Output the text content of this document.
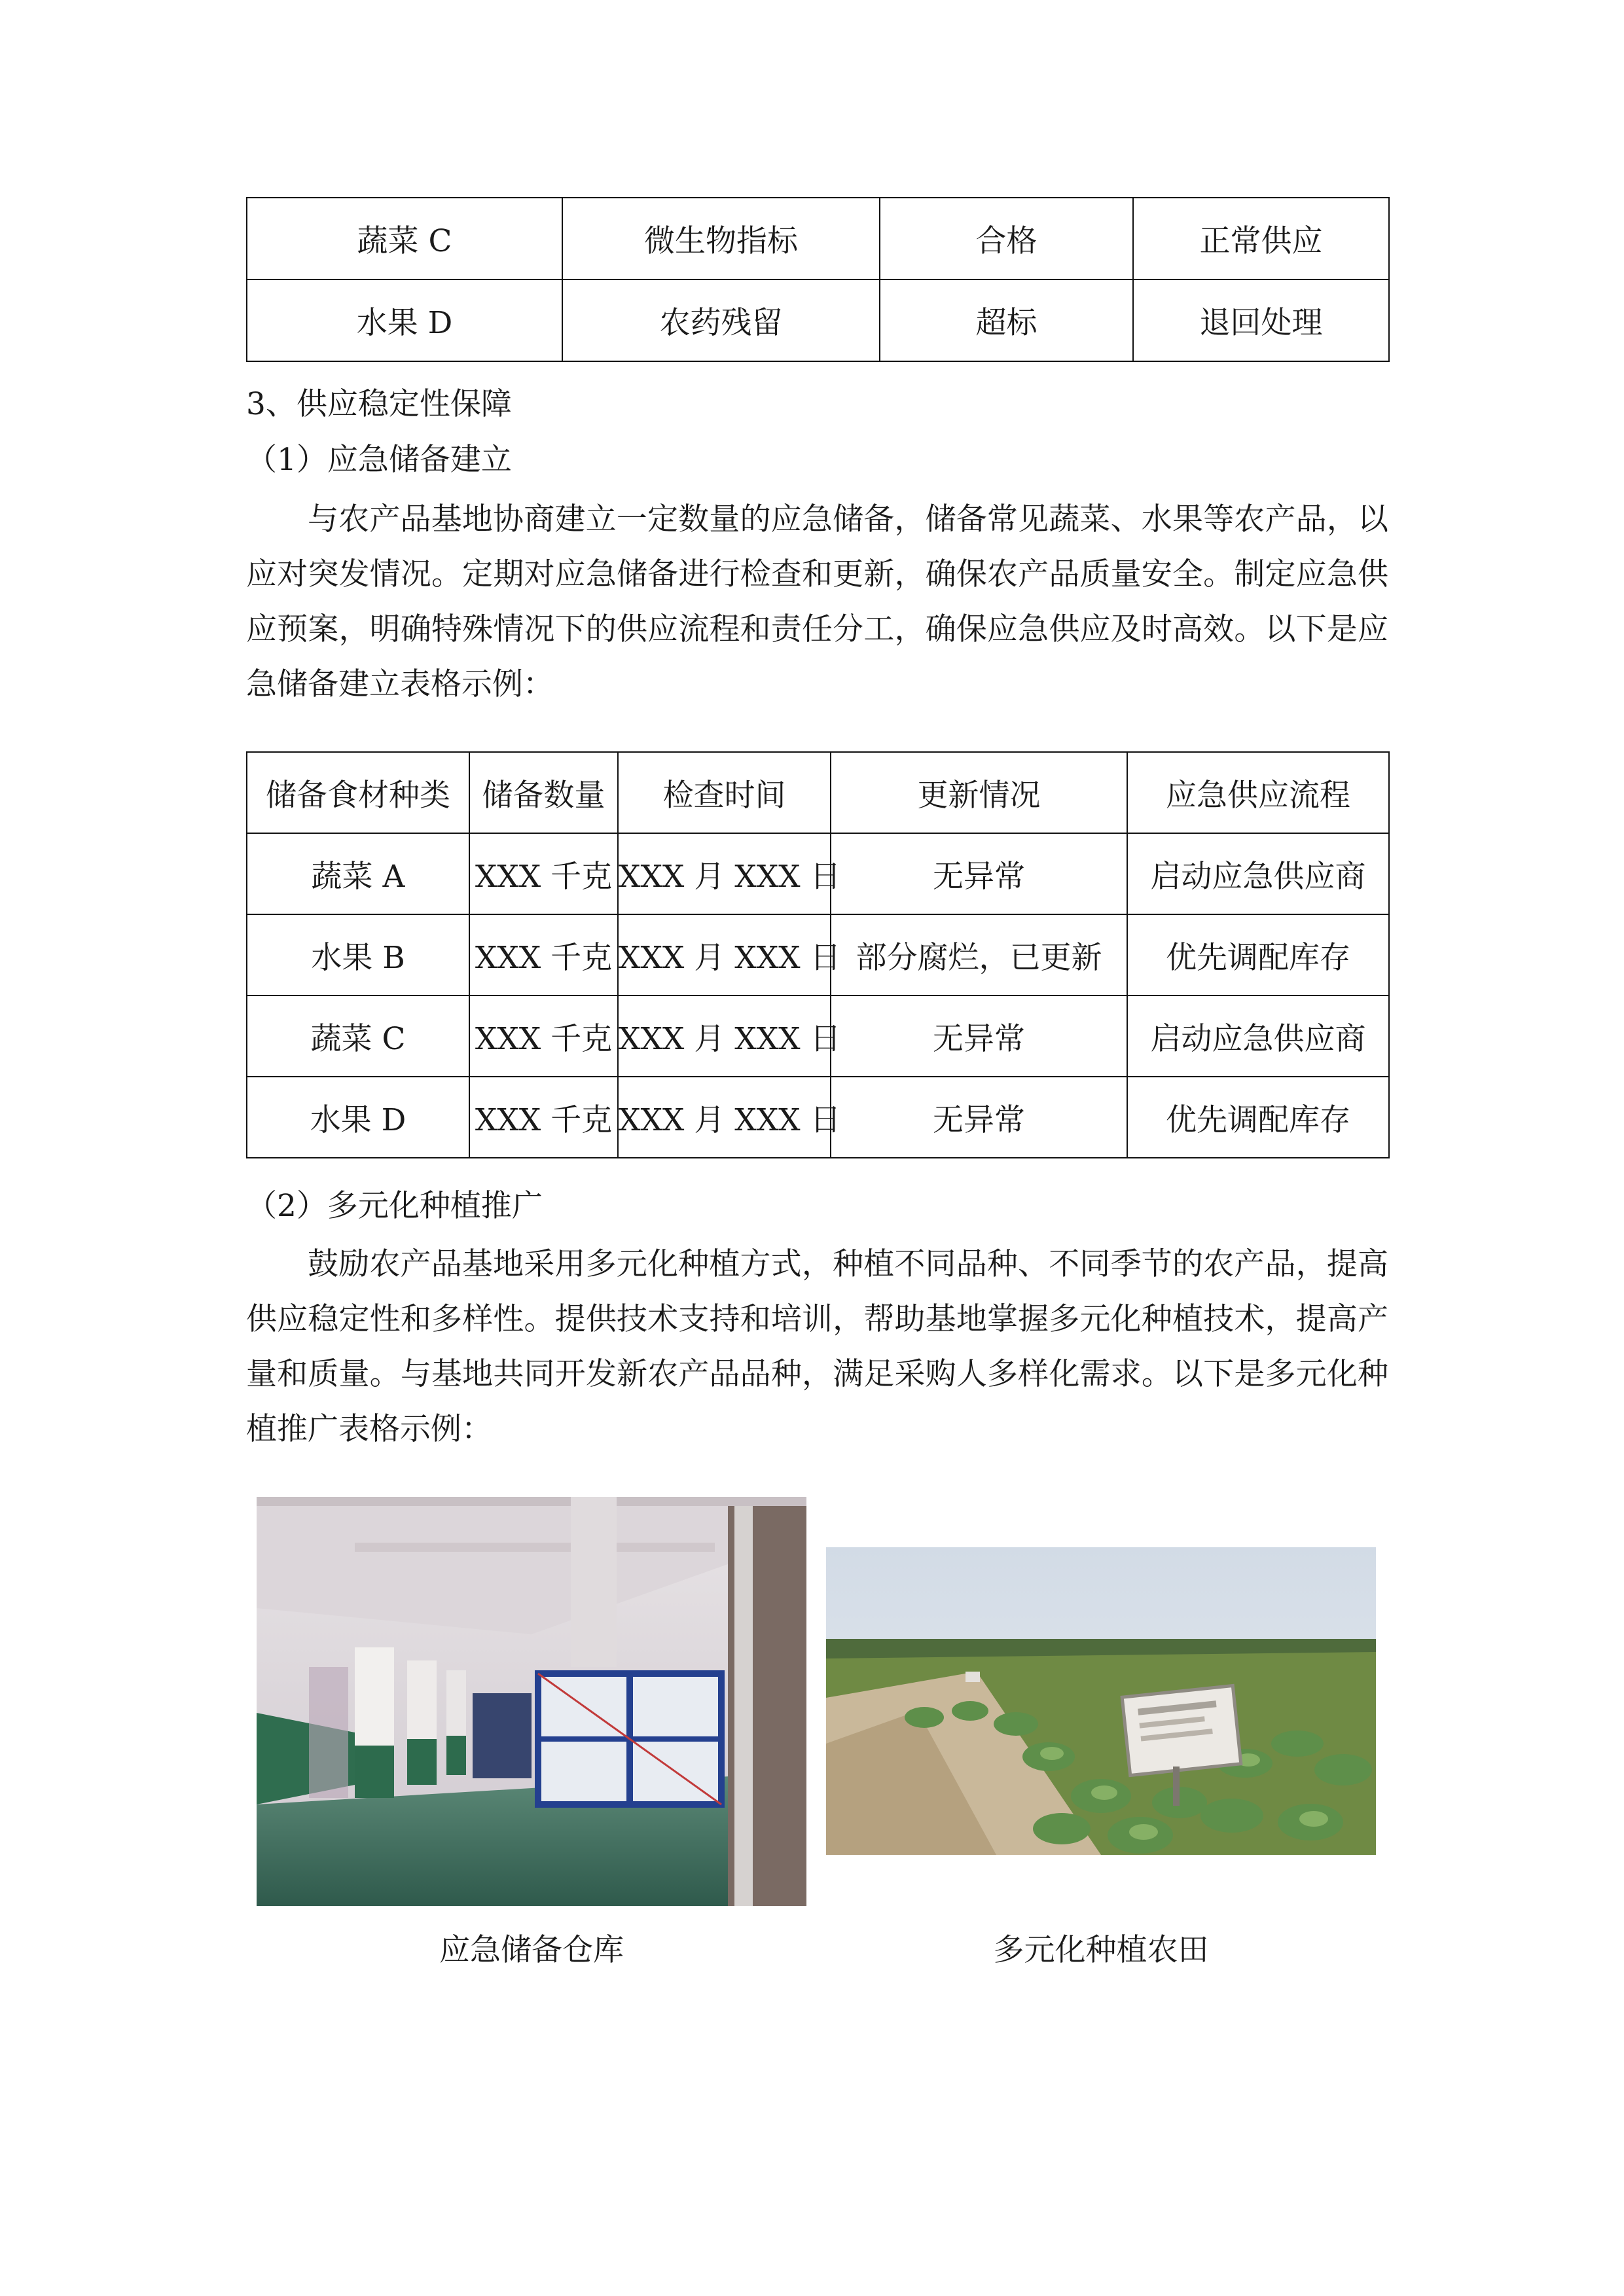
蔬菜 C	微生物指标	合格	正常供应
水果 D	农药残留	超标	退回处理
3、供应稳定性保障
（1）应急储备建立

与农产品基地协商建立一定数量的应急储备，储备常见蔬菜、水果等农产品，以应对突发情况。定期对应急储备进行检查和更新，确保农产品质量安全。制定应急供应预案，明确特殊情况下的供应流程和责任分工，确保应急供应及时高效。以下是应急储备建立表格示例：

储备食材种类	储备数量	检查时间	更新情况	应急供应流程
蔬菜 A	XXX 千克	XXX 月 XXX 日	无异常	启动应急供应商
水果 B	XXX 千克	XXX 月 XXX 日	部分腐烂，已更新	优先调配库存
蔬菜 C	XXX 千克	XXX 月 XXX 日	无异常	启动应急供应商
水果 D	XXX 千克	XXX 月 XXX 日	无异常	优先调配库存
（2）多元化种植推广

鼓励农产品基地采用多元化种植方式，种植不同品种、不同季节的农产品，提高供应稳定性和多样性。提供技术支持和培训，帮助基地掌握多元化种植技术，提高产量和质量。与基地共同开发新农产品品种，满足采购人多样化需求。以下是多元化种植推广表格示例：

应急储备仓库	多元化种植农田
